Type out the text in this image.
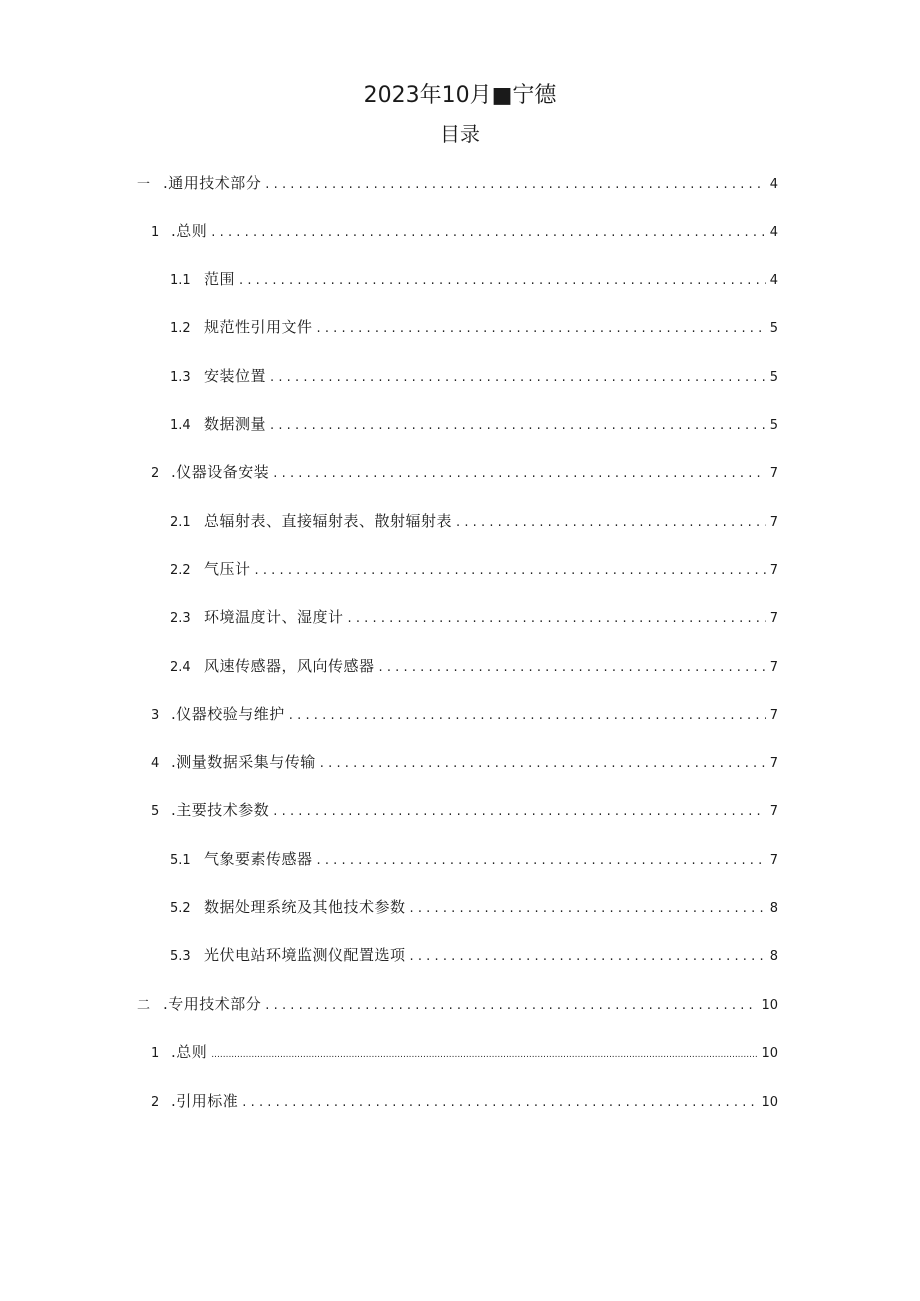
2023年10月■宁德
目录
一 .通用技术部分 .....	4
1 .总则 .....	4
1.1 范围 .....	4
1.2 规范性引用文件 .....	5
1.3 安装位置 .....	5
1.4 数据测量 .....	5
2 .仪器设备安装 .....	7
2.1 总辐射表、直接辐射表、散射辐射表 .....	7
2.2 气压计 .....	7
2.3 环境温度计、湿度计 .....	7
2.4 风速传感器，风向传感器 .....	7
3 .仪器校验与维护 .....	7
4 .测量数据采集与传输 .....	7
5 .主要技术参数 .....	7
5.1 气象要素传感器 .....	7
5.2 数据处理系统及其他技术参数 .....	8
5.3 光伏电站环境监测仪配置选项 .....	8
二 .专用技术部分 .....	10
1 .总则 .....	10
2 .引用标准 .....	10
